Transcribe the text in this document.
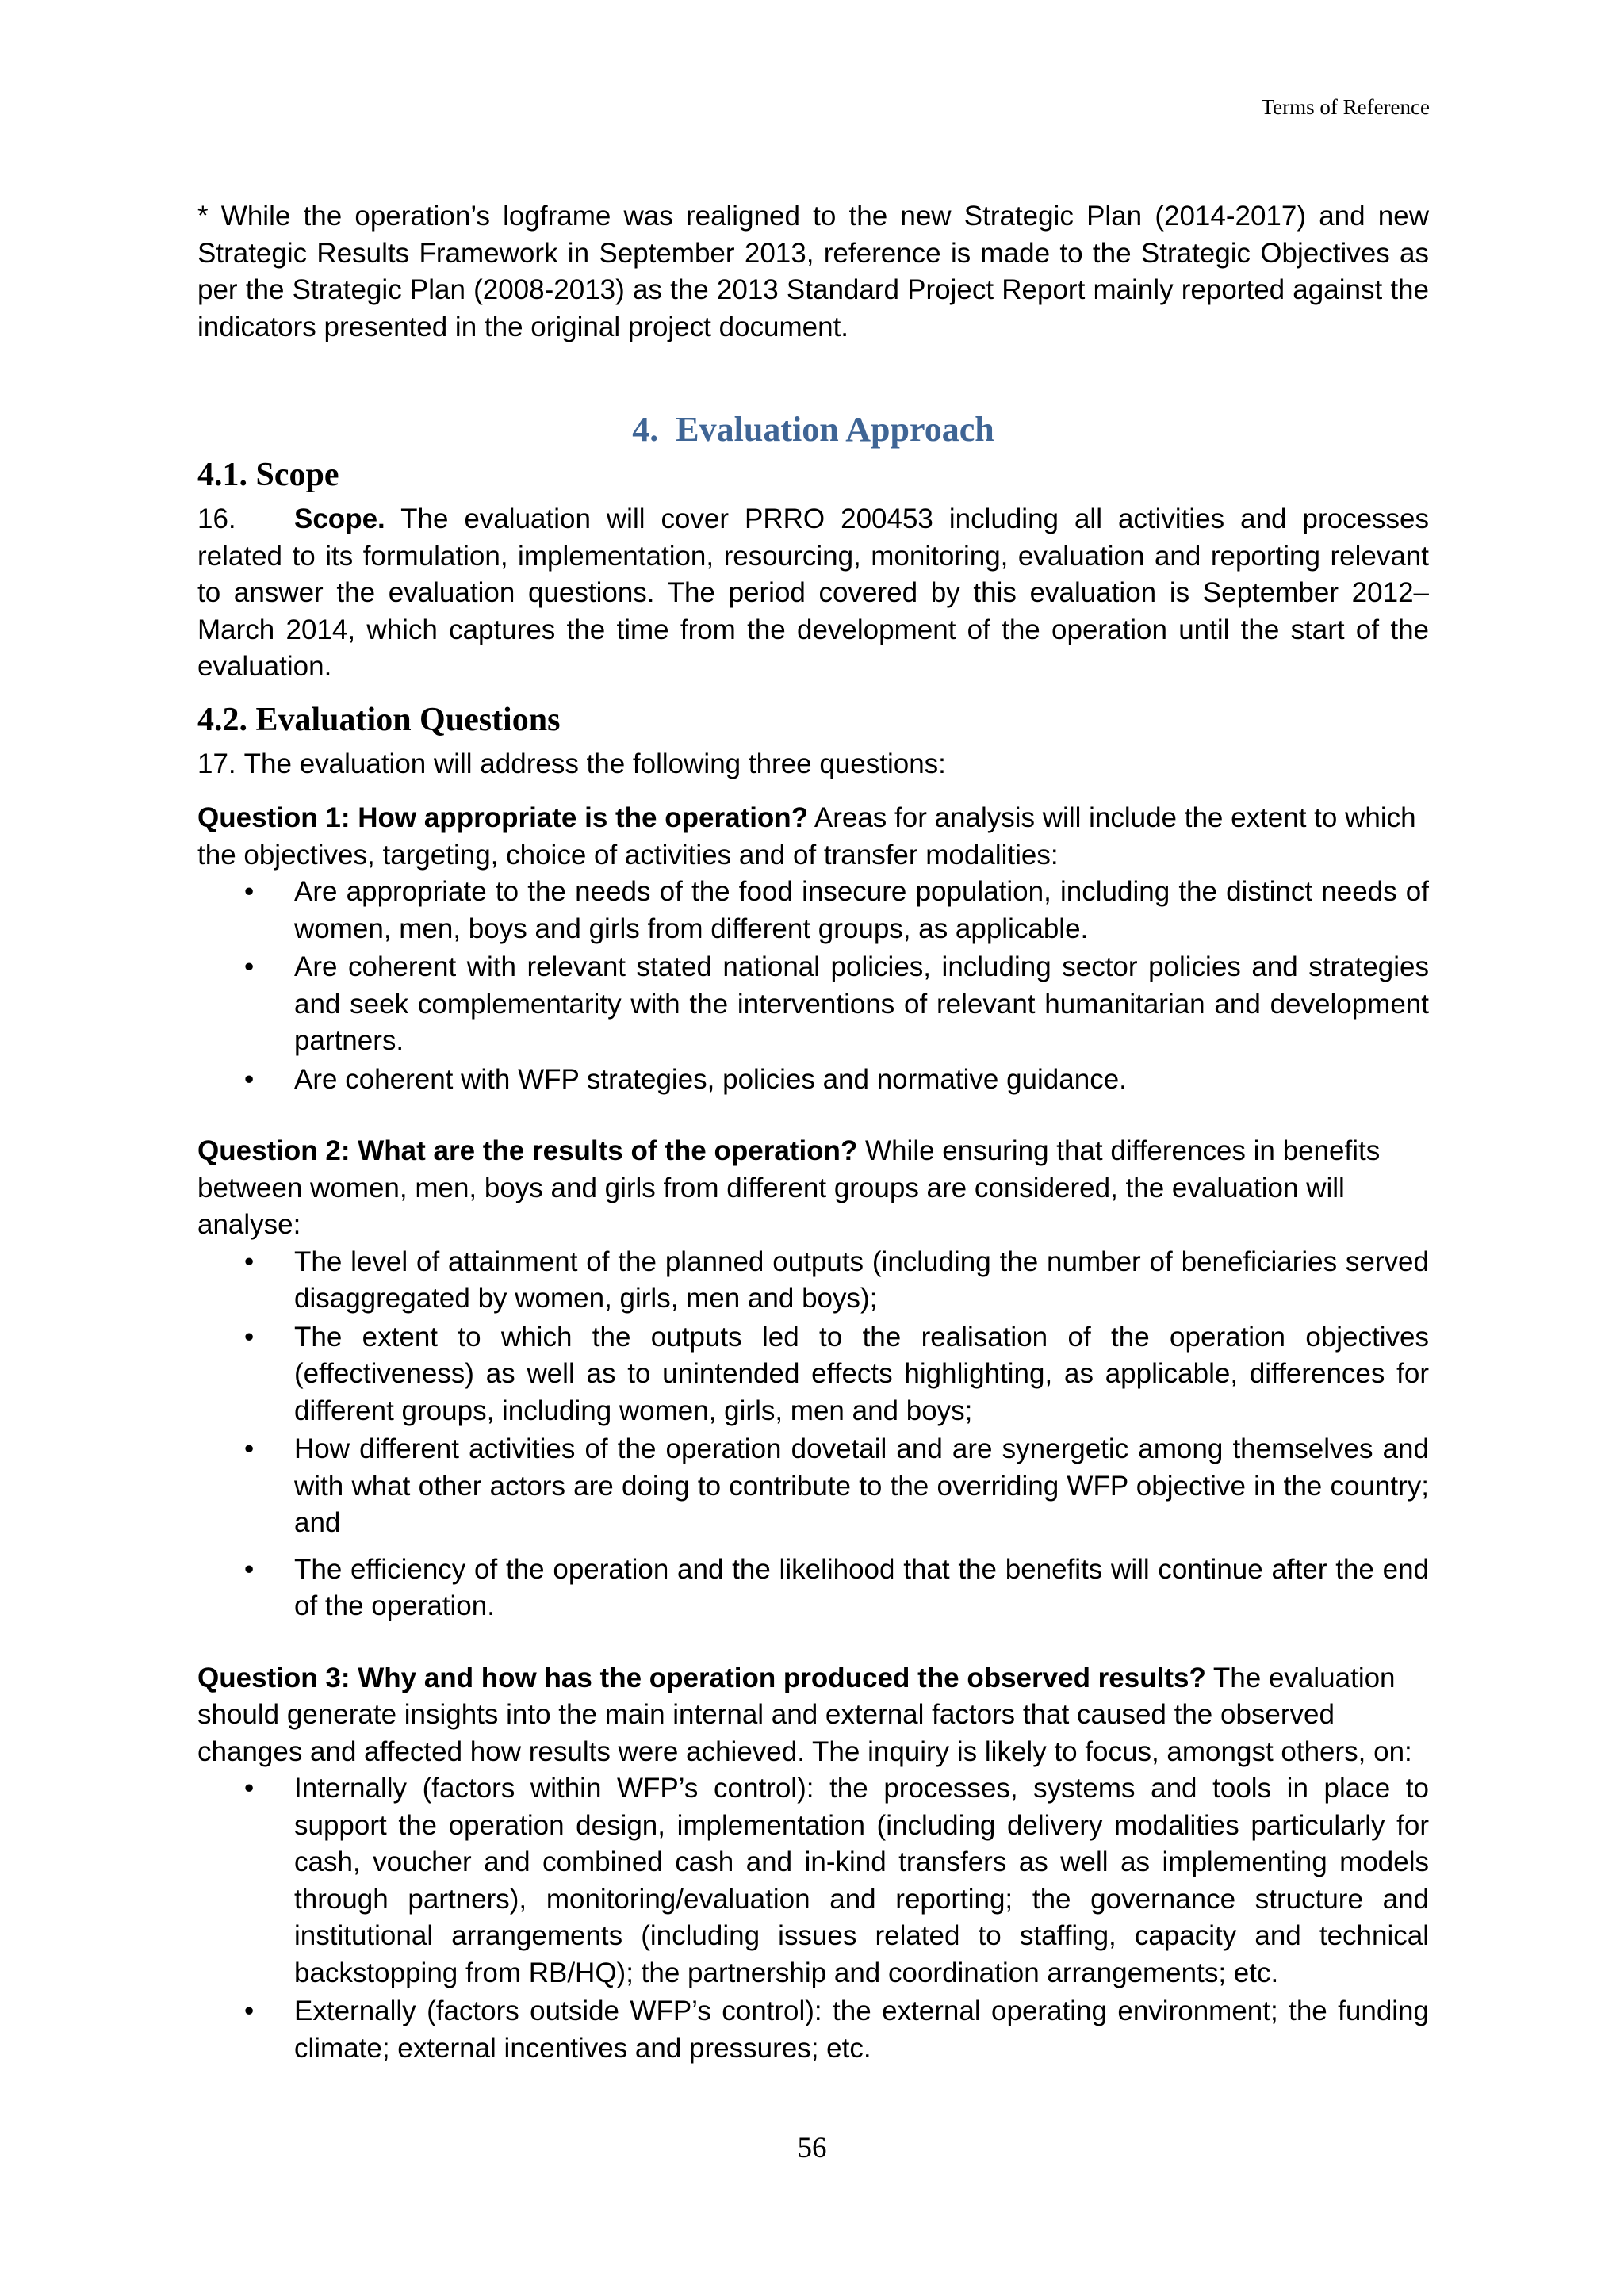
Terms of Reference

* While the operation’s logframe was realigned to the new Strategic Plan (2014-2017) and new Strategic Results Framework in September 2013, reference is made to the Strategic Objectives as per the Strategic Plan (2008-2013) as the 2013 Standard Project Report mainly reported against the indicators presented in the original project document.

4. Evaluation Approach
4.1. Scope

16. Scope. The evaluation will cover PRRO 200453 including all activities and processes related to its formulation, implementation, resourcing, monitoring, evaluation and reporting relevant to answer the evaluation questions. The period covered by this evaluation is September 2012–March 2014, which captures the time from the development of the operation until the start of the evaluation.

4.2. Evaluation Questions

17. The evaluation will address the following three questions:

Question 1: How appropriate is the operation? Areas for analysis will include the extent to which the objectives, targeting, choice of activities and of transfer modalities:

• Are appropriate to the needs of the food insecure population, including the distinct needs of women, men, boys and girls from different groups, as applicable.
• Are coherent with relevant stated national policies, including sector policies and strategies and seek complementarity with the interventions of relevant humanitarian and development partners.
• Are coherent with WFP strategies, policies and normative guidance.

Question 2: What are the results of the operation? While ensuring that differences in benefits between women, men, boys and girls from different groups are considered, the evaluation will analyse:

• The level of attainment of the planned outputs (including the number of beneficiaries served disaggregated by women, girls, men and boys);
• The extent to which the outputs led to the realisation of the operation objectives (effectiveness) as well as to unintended effects highlighting, as applicable, differences for different groups, including women, girls, men and boys;
• How different activities of the operation dovetail and are synergetic among themselves and with what other actors are doing to contribute to the overriding WFP objective in the country; and
• The efficiency of the operation and the likelihood that the benefits will continue after the end of the operation.

Question 3: Why and how has the operation produced the observed results? The evaluation should generate insights into the main internal and external factors that caused the observed changes and affected how results were achieved. The inquiry is likely to focus, amongst others, on:

• Internally (factors within WFP’s control): the processes, systems and tools in place to support the operation design, implementation (including delivery modalities particularly for cash, voucher and combined cash and in-kind transfers as well as implementing models through partners), monitoring/evaluation and reporting; the governance structure and institutional arrangements (including issues related to staffing, capacity and technical backstopping from RB/HQ); the partnership and coordination arrangements; etc.
• Externally (factors outside WFP’s control): the external operating environment; the funding climate; external incentives and pressures; etc.
56
